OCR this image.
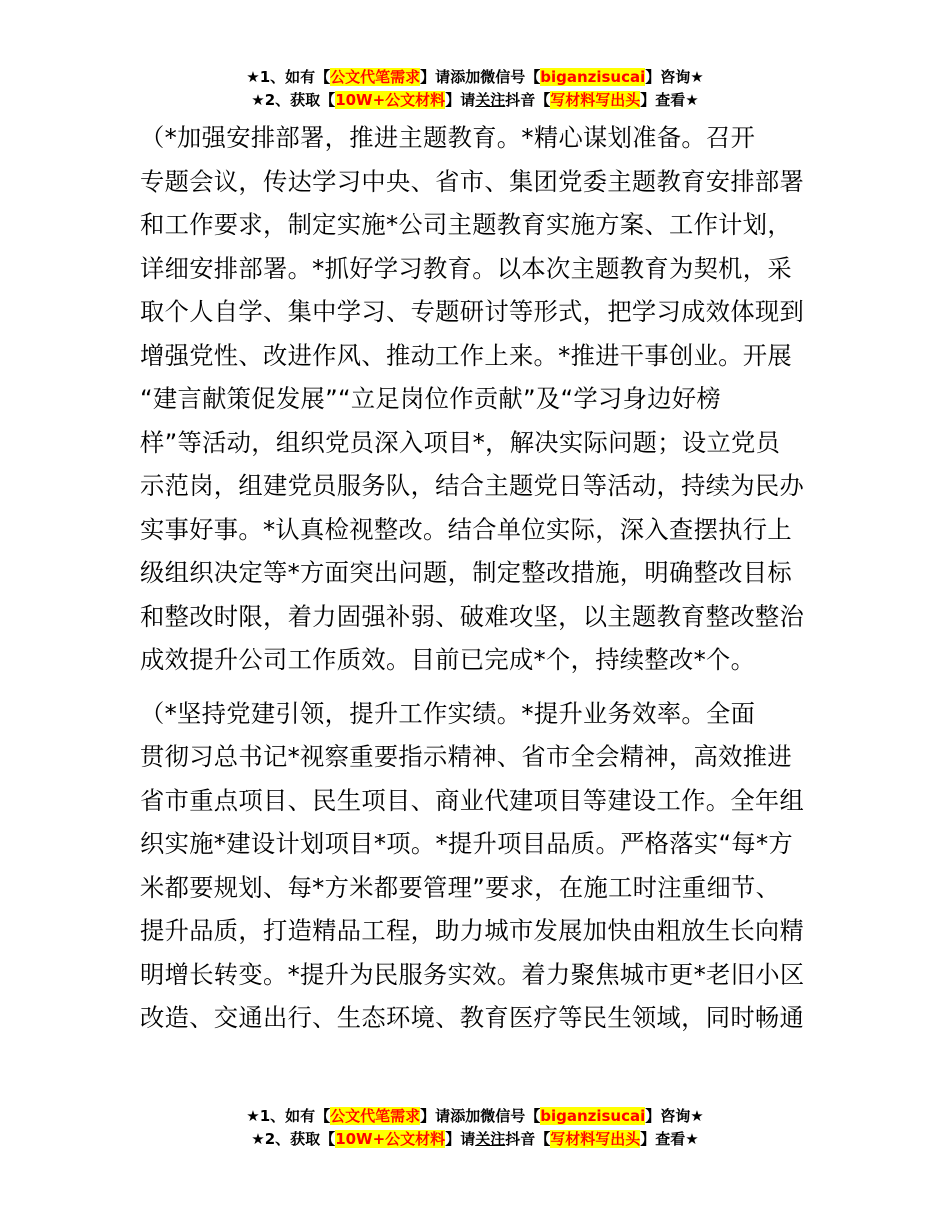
★1、如有【公文代笔需求】请添加微信号【biganzisucai】咨询★
★2、获取【10W+公文材料】请关注抖音【写材料写出头】查看★
（*加强安排部署，推进主题教育。*精心谋划准备。召开
专题会议，传达学习中央、省市、集团党委主题教育安排部署
和工作要求，制定实施*公司主题教育实施方案、工作计划，
详细安排部署。*抓好学习教育。以本次主题教育为契机，采
取个人自学、集中学习、专题研讨等形式，把学习成效体现到
增强党性、改进作风、推动工作上来。*推进干事创业。开展
“建言献策促发展”“立足岗位作贡献”及“学习身边好榜
样”等活动，组织党员深入项目*，解决实际问题；设立党员
示范岗，组建党员服务队，结合主题党日等活动，持续为民办
实事好事。*认真检视整改。结合单位实际，深入查摆执行上
级组织决定等*方面突出问题，制定整改措施，明确整改目标
和整改时限，着力固强补弱、破难攻坚，以主题教育整改整治
成效提升公司工作质效。目前已完成*个，持续整改*个。
（*坚持党建引领，提升工作实绩。*提升业务效率。全面
贯彻习总书记*视察重要指示精神、省市全会精神，高效推进
省市重点项目、民生项目、商业代建项目等建设工作。全年组
织实施*建设计划项目*项。*提升项目品质。严格落实“每*方
米都要规划、每*方米都要管理”要求，在施工时注重细节、
提升品质，打造精品工程，助力城市发展加快由粗放生长向精
明增长转变。*提升为民服务实效。着力聚焦城市更*老旧小区
改造、交通出行、生态环境、教育医疗等民生领域，同时畅通
★1、如有【公文代笔需求】请添加微信号【biganzisucai】咨询★
★2、获取【10W+公文材料】请关注抖音【写材料写出头】查看★
